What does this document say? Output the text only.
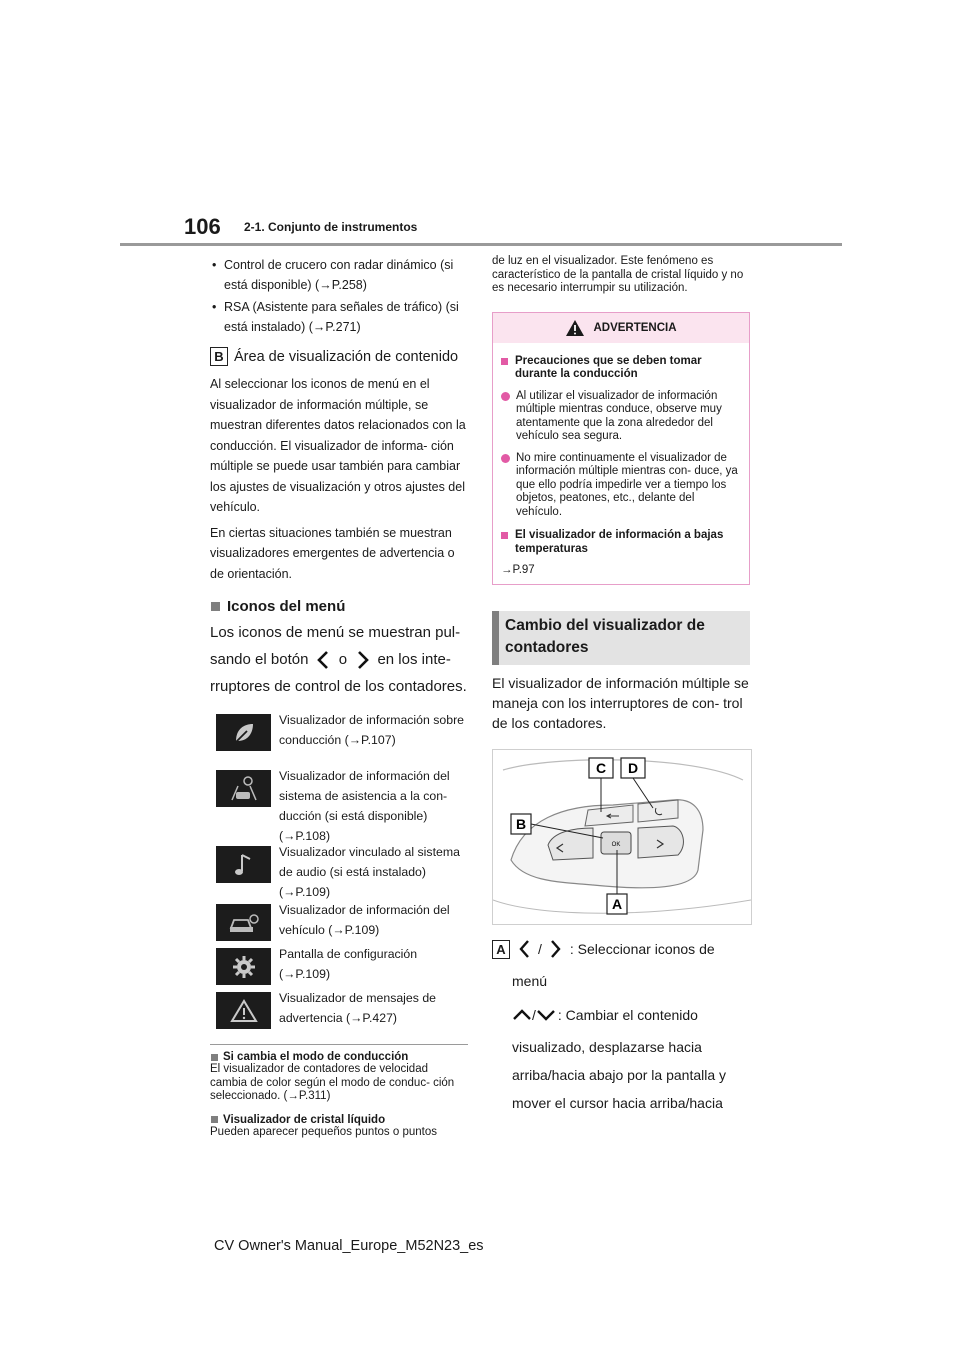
106 2-1. Conjunto de instrumentos
• Control de crucero con radar dinámico (si está disponible) (→P.258)
• RSA (Asistente para señales de tráfico) (si está instalado) (→P.271)
B Área de visualización de contenido
Al seleccionar los iconos de menú en el visualizador de información múltiple, se muestran diferentes datos relacionados con la conducción. El visualizador de informa- ción múltiple se puede usar también para cambiar los ajustes de visualización y otros ajustes del vehículo.
En ciertas situaciones también se muestran visualizadores emergentes de advertencia o de orientación.
Iconos del menú
Los iconos de menú se muestran pul-
sando el botón o en los inte-
rruptores de control de los contadores.
Visualizador de información sobre conducción (→P.107)
Visualizador de información del sistema de asistencia a la con- ducción (si está disponible) (→P.108)
Visualizador vinculado al sistema de audio (si está instalado) (→P.109)
Visualizador de información del vehículo (→P.109)
Pantalla de configuración (→P.109)
Visualizador de mensajes de advertencia (→P.427)
Si cambia el modo de conducción
El visualizador de contadores de velocidad cambia de color según el modo de conduc- ción seleccionado. (→P.311)
Visualizador de cristal líquido
Pueden aparecer pequeños puntos o puntos
de luz en el visualizador. Este fenómeno es característico de la pantalla de cristal líquido y no es necesario interrumpir su utilización.
ADVERTENCIA
Precauciones que se deben tomar durante la conducción
Al utilizar el visualizador de información múltiple mientras conduce, observe muy atentamente que la zona alrededor del vehículo sea segura.
No mire continuamente el visualizador de información múltiple mientras con- duce, ya que ello podría impedirle ver a tiempo los objetos, peatones, etc., delante del vehículo.
El visualizador de información a bajas temperaturas
→P.97
Cambio del visualizador de contadores
El visualizador de información múltiple se maneja con los interruptores de con- trol de los contadores.
C D
B
A
OK
A	/ : Seleccionar iconos de
menú
/ : Cambiar el contenido
visualizado, desplazarse hacia
arriba/hacia abajo por la pantalla y
mover el cursor hacia arriba/hacia
CV Owner's Manual_Europe_M52N23_es
